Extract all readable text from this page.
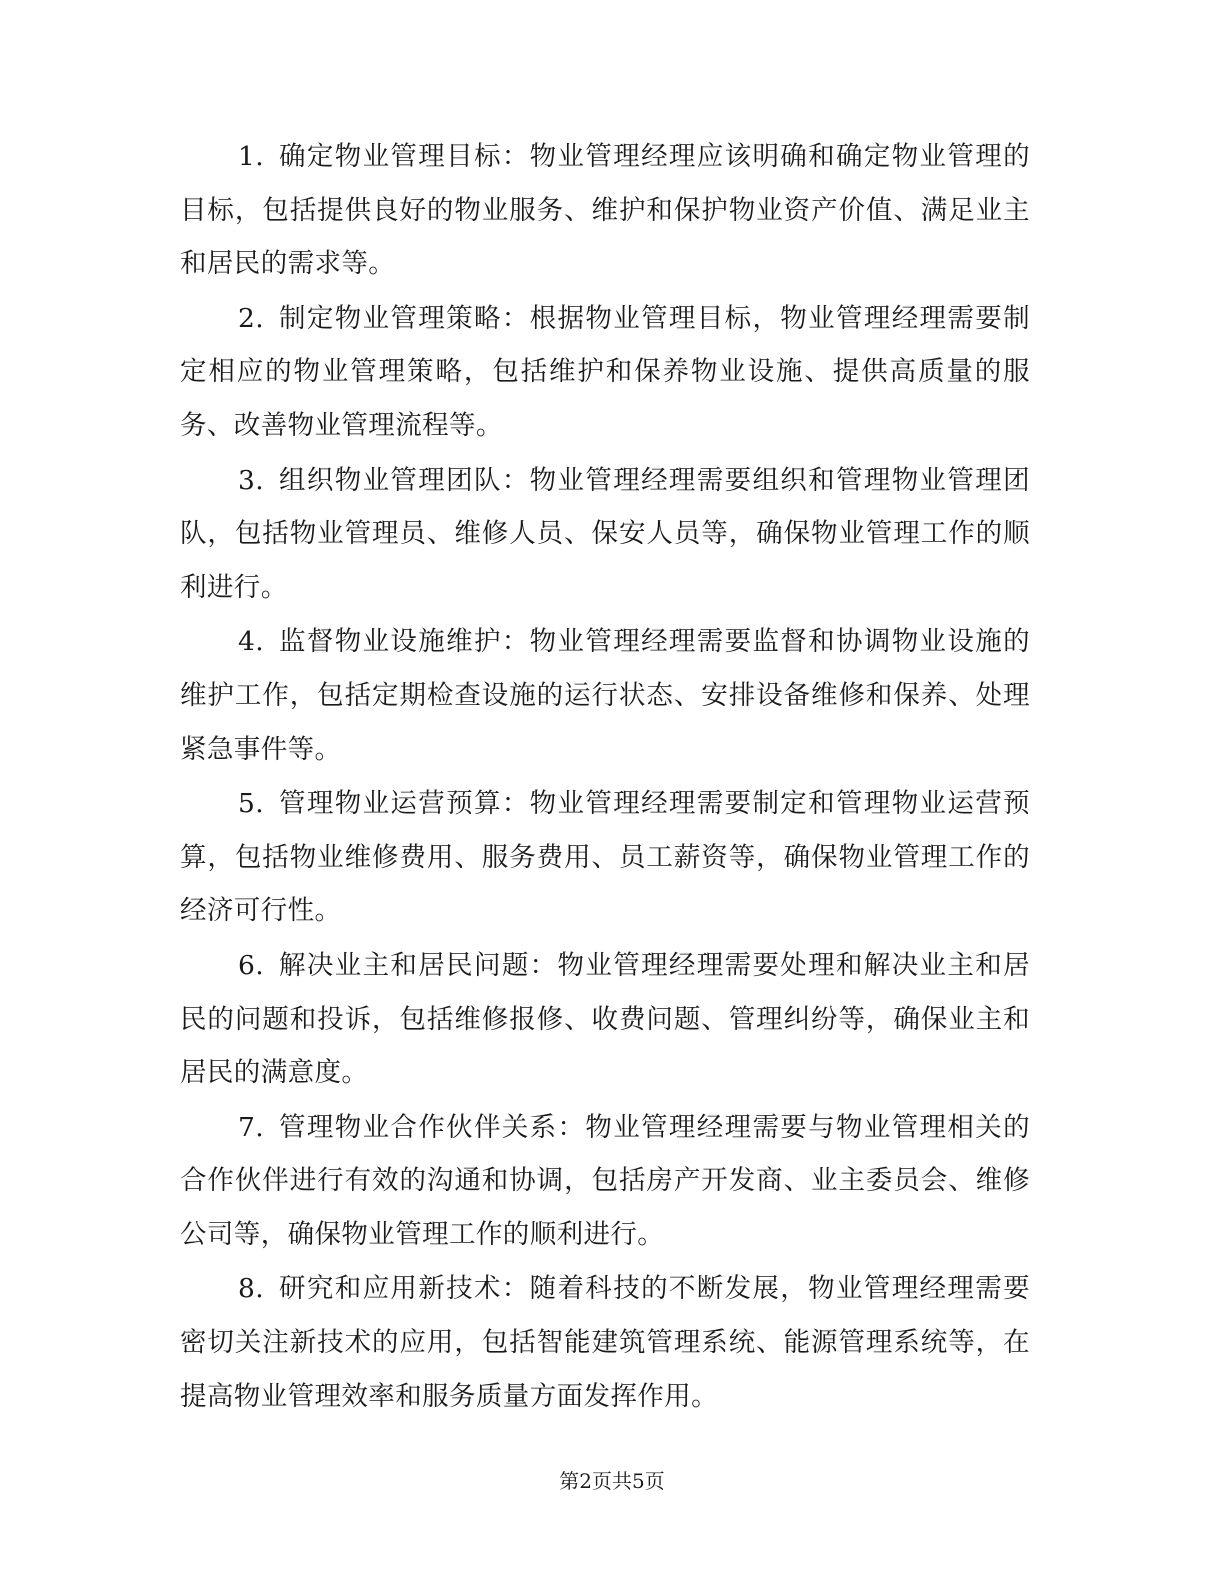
1. 确定物业管理目标：物业管理经理应该明确和确定物业管理的目标，包括提供良好的物业服务、维护和保护物业资产价值、满足业主和居民的需求等。

2. 制定物业管理策略：根据物业管理目标，物业管理经理需要制定相应的物业管理策略，包括维护和保养物业设施、提供高质量的服务、改善物业管理流程等。

3. 组织物业管理团队：物业管理经理需要组织和管理物业管理团队，包括物业管理员、维修人员、保安人员等，确保物业管理工作的顺利进行。

4. 监督物业设施维护：物业管理经理需要监督和协调物业设施的维护工作，包括定期检查设施的运行状态、安排设备维修和保养、处理紧急事件等。

5. 管理物业运营预算：物业管理经理需要制定和管理物业运营预算，包括物业维修费用、服务费用、员工薪资等，确保物业管理工作的经济可行性。

6. 解决业主和居民问题：物业管理经理需要处理和解决业主和居民的问题和投诉，包括维修报修、收费问题、管理纠纷等，确保业主和居民的满意度。

7. 管理物业合作伙伴关系：物业管理经理需要与物业管理相关的合作伙伴进行有效的沟通和协调，包括房产开发商、业主委员会、维修公司等，确保物业管理工作的顺利进行。

8. 研究和应用新技术：随着科技的不断发展，物业管理经理需要密切关注新技术的应用，包括智能建筑管理系统、能源管理系统等，在提高物业管理效率和服务质量方面发挥作用。

第2页共5页
